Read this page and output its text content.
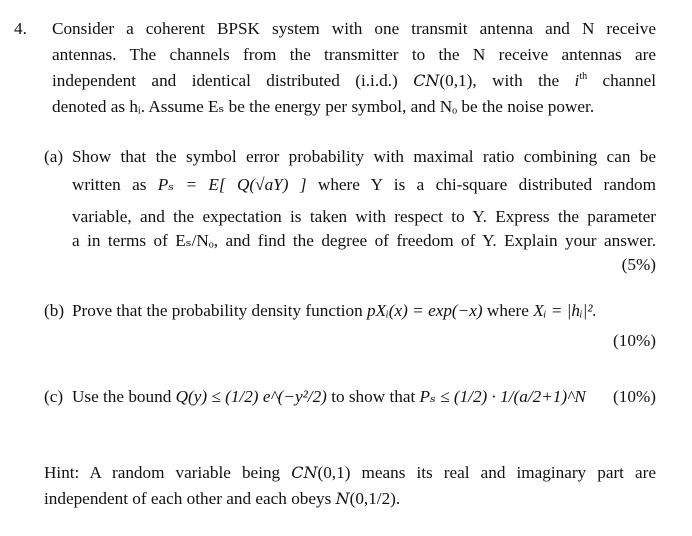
4. Consider a coherent BPSK system with one transmit antenna and N receive
antennas. The channels from the transmitter to the N receive antennas are
independent and identical distributed (i.i.d.) CN(0,1), with the $i^{th}$ channel
denoted as hᵢ. Assume Eₛ be the energy per symbol, and Nₒ be the noise power.
(a) Show that the symbol error probability with maximal ratio combining can be
written as Pₛ = E[ Q(√aY) ] where Y is a chi-square distributed random
variable, and the expectation is taken with respect to Y. Express the parameter
a in terms of Eₛ/Nₒ, and find the degree of freedom of Y. Explain your answer.
(5%)
(b) Prove that the probability density function pXᵢ(x) = exp(−x) where Xᵢ = |hᵢ|².
(10%)
(c) Use the bound Q(y) ≤ (1/2) e^(−y²/2) to show that Pₛ ≤ (1/2) · 1/(a/2+1)^N (10%)
Hint: A random variable being CN(0,1) means its real and imaginary part are
independent of each other and each obeys N(0,1/2).
